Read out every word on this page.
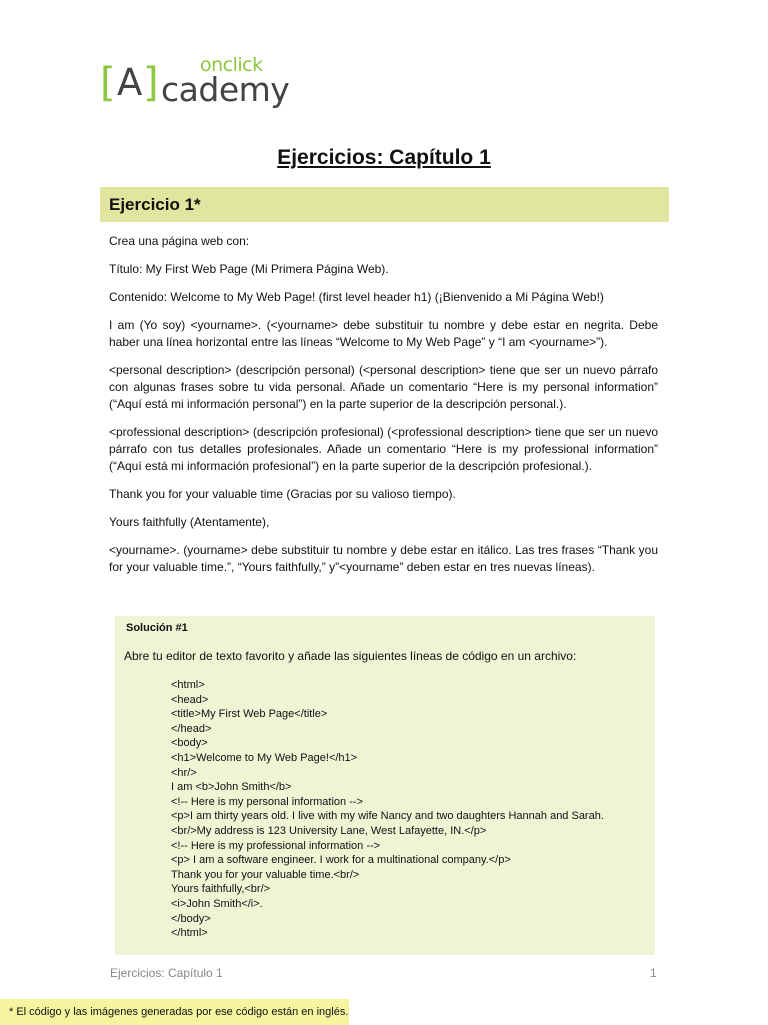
[ A ] cademy
onclick
Ejercicios: Capítulo 1
Ejercicio 1*

Crea una página web con:

Título: My First Web Page (Mi Primera Página Web).

Contenido: Welcome to My Web Page! (first level header h1) (¡Bienvenido a Mi Página Web!)

I am (Yo soy) <yourname>. (<yourname> debe substituir tu nombre y debe estar en negrita. Debe haber una línea horizontal entre las líneas “Welcome to My Web Page” y “I am <yourname>”).

<personal description> (descripción personal) (<personal description> tiene que ser un nuevo párrafo con algunas frases sobre tu vida personal. Añade un comentario “Here is my personal information” (“Aquí está mi información personal”) en la parte superior de la descripción personal.).

<professional description> (descripción profesional) (<professional description> tiene que ser un nuevo párrafo con tus detalles profesionales. Añade un comentario “Here is my professional information” (“Aquí está mi información profesional”) en la parte superior de la descripción profesional.).

Thank you for your valuable time (Gracias por su valioso tiempo).

Yours faithfully (Atentamente),

<yourname>. (yourname> debe substituir tu nombre y debe estar en itálico. Las tres frases “Thank you for your valuable time.”, “Yours faithfully,” y”<yourname” deben estar en tres nuevas líneas).

Solución #1
Abre tu editor de texto favorito y añade las siguientes líneas de código en un archivo:
<html>
<head>
<title>My First Web Page</title>
</head>
<body>
<h1>Welcome to My Web Page!</h1>
<hr/>
I am <b>John Smith</b>
<!-- Here is my personal information -->
<p>I am thirty years old. I live with my wife Nancy and two daughters Hannah and Sarah.
<br/>My address is 123 University Lane, West Lafayette, IN.</p>
<!-- Here is my professional information -->
<p> I am a software engineer. I work for a multinational company.</p>
Thank you for your valuable time.<br/>
Yours faithfully,<br/>
<i>John Smith</i>.
</body>
</html>
Ejercicios: Capítulo 1	1
* El código y las imágenes generadas por ese código están en inglés.
